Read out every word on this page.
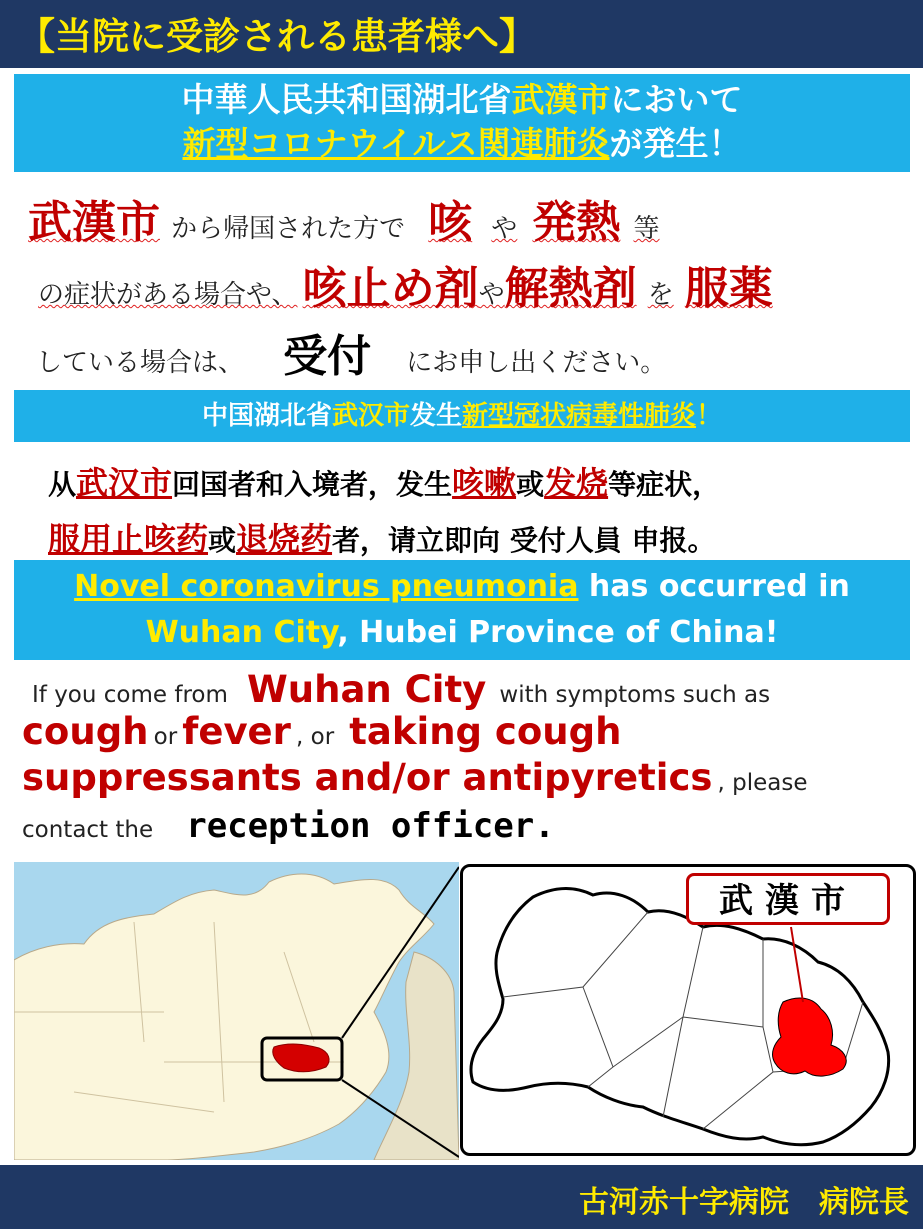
【当院に受診される患者様へ】
中華人民共和国湖北省武漢市において
新型コロナウイルス関連肺炎が発生！
武漢市 から帰国された方で 咳 や 発熱 等
の症状がある場合や、 咳止め剤や解熱剤 を 服薬
している場合は、 受付 にお申し出ください。
中国湖北省武汉市发生新型冠状病毒性肺炎！
从武汉市回国者和入境者，发生咳嗽或发烧等症状，
服用止咳药或退烧药者，请立即向 受付人員 申报。
Novel coronavirus pneumonia has occurred in
Wuhan City, Hubei Province of China!
If you come from Wuhan City with symptoms such as
cough or fever , or taking cough
suppressants and/or antipyretics , please
contact the reception officer.
武漢市
古河赤十字病院　病院長
